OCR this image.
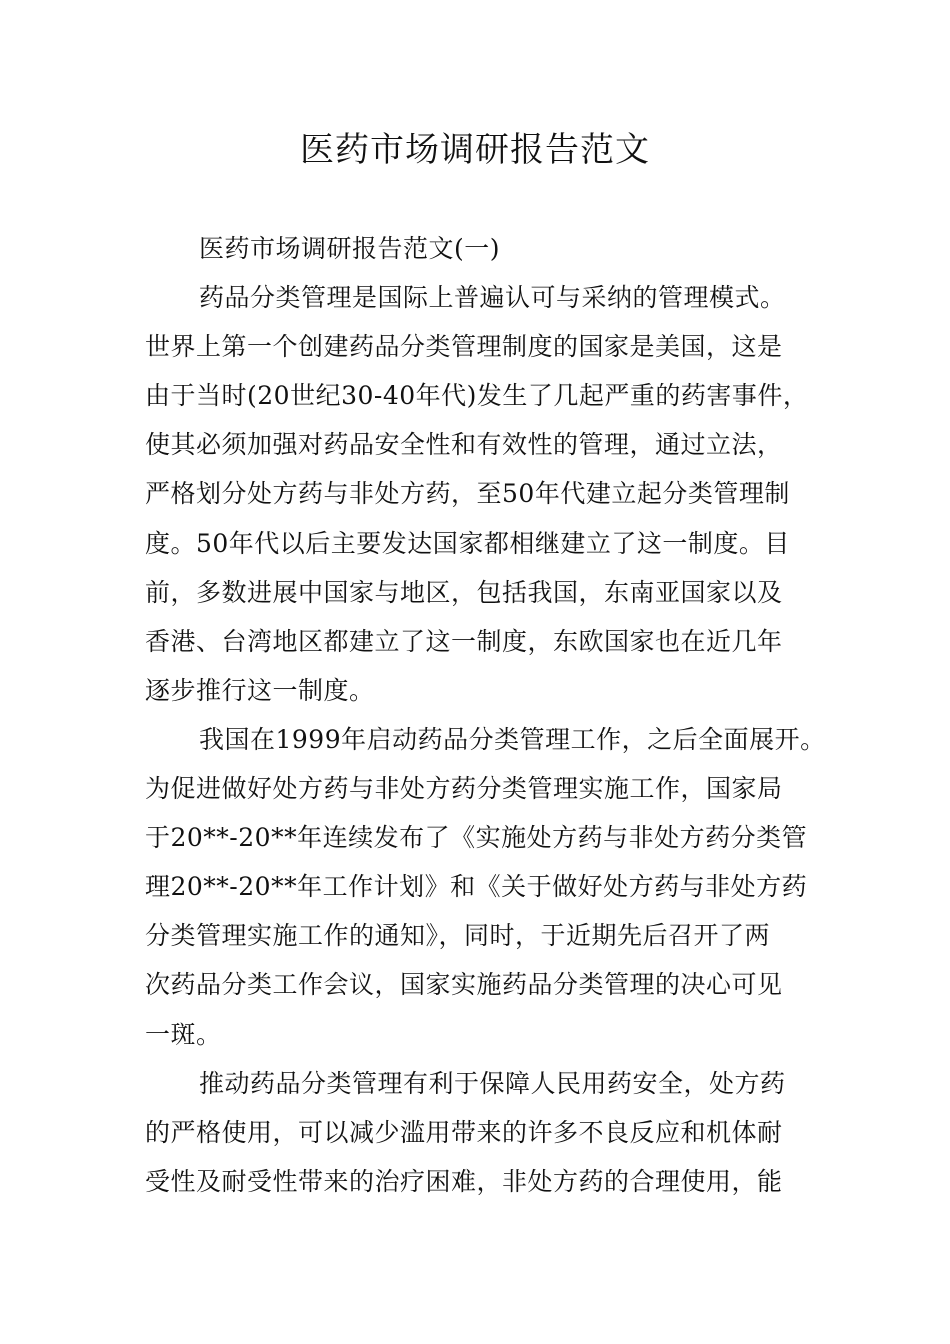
医药市场调研报告范文
医药市场调研报告范文(一)
药品分类管理是国际上普遍认可与采纳的管理模式。
世界上第一个创建药品分类管理制度的国家是美国，这是
由于当时(20世纪30-40年代)发生了几起严重的药害事件，
使其必须加强对药品安全性和有效性的管理，通过立法，
严格划分处方药与非处方药，至50年代建立起分类管理制
度。50年代以后主要发达国家都相继建立了这一制度。目
前，多数进展中国家与地区，包括我国，东南亚国家以及
香港、台湾地区都建立了这一制度，东欧国家也在近几年
逐步推行这一制度。
我国在1999年启动药品分类管理工作，之后全面展开。
为促进做好处方药与非处方药分类管理实施工作，国家局
于20**-20**年连续发布了《实施处方药与非处方药分类管
理20**-20**年工作计划》和《关于做好处方药与非处方药
分类管理实施工作的通知》，同时，于近期先后召开了两
次药品分类工作会议，国家实施药品分类管理的决心可见
一斑。
推动药品分类管理有利于保障人民用药安全，处方药
的严格使用，可以减少滥用带来的许多不良反应和机体耐
受性及耐受性带来的治疗困难，非处方药的合理使用，能
